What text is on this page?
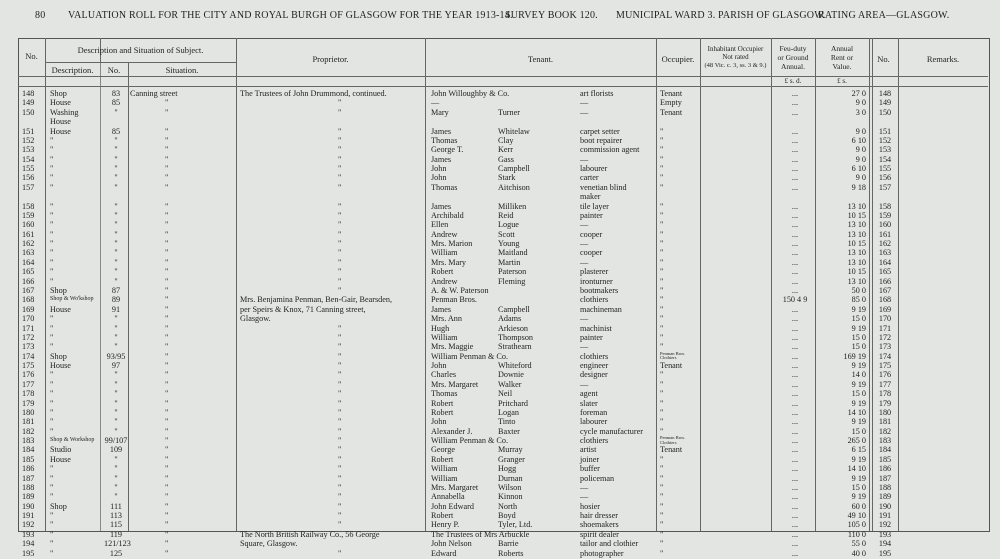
80 VALUATION ROLL FOR THE CITY AND ROYAL BURGH OF GLASGOW FOR THE YEAR 1913-14.
SURVEY BOOK 120. MUNICIPAL WARD 3. PARISH OF GLASGOW.
RATING AREA—GLASGOW.
No.
Description and Situation of Subject.
Description.	No.	Situation.
Proprietor.	Tenant.	Occupier.
Inhabitant Occupier
Not rated
(48 Vic. c. 3, ss. 3 & 9.)
Feu-duty
or Ground
Annual.
Annual
Rent or
Value.
No.	Remarks.
£ s. d.	£ s.
148	Shop	83	Canning street	The Trustees of John Drummond, continued.	John Willoughby & Co.	art florists	Tenant	...	27 0	148
149	House	85	"	"	—	—	Empty	...	9 0	149
150	Washing	"	"	"	Mary	Turner	—	Tenant	...	3 0	150
House
151	House	85	"	"	James	Whitelaw	carpet setter	"	...	9 0	151
152	"	"	"	"	Thomas	Clay	boot repairer	"	...	6 10	152
153	"	"	"	"	George T.	Kerr	commission agent	"	...	9 0	153
154	"	"	"	"	James	Gass	—	"	...	9 0	154
155	"	"	"	"	John	Campbell	labourer	"	...	6 10	155
156	"	"	"	"	John	Stark	carter	"	...	9 0	156
157	"	"	"	"	Thomas	Aitchison	venetian blind	"	...	9 18	157
maker
158	"	"	"	"	James	Milliken	tile layer	"	...	13 10	158
159	"	"	"	"	Archibald	Reid	painter	"	...	10 15	159
160	"	"	"	"	Ellen	Logue	—	"	...	13 10	160
161	"	"	"	"	Andrew	Scott	cooper	"	...	13 10	161
162	"	"	"	"	Mrs. Marion	Young	—	"	...	10 15	162
163	"	"	"	"	William	Maitland	cooper	"	...	13 10	163
164	"	"	"	"	Mrs. Mary	Martin	—	"	...	13 10	164
165	"	"	"	"	Robert	Paterson	plasterer	"	...	10 15	165
166	"	"	"	"	Andrew	Fleming	ironturner	"	...	13 10	166
167	Shop	87	"	"	A. & W. Paterson	bootmakers	"	...	50 0	167
168	Shop & Wo'kshop	89	"	Mrs. Benjamina Penman, Ben-Gair, Bearsden,	Penman Bros.	clothiers	"	150 4 9	85 0	168
169	House	91	"	per Speirs & Knox, 71 Canning street,	James	Campbell	machineman	"	...	9 19	169
170	"	"	"	Glasgow.	Mrs. Ann	Adams	—	"	...	15 0	170
171	"	"	"	"	Hugh	Arkieson	machinist	"	...	9 19	171
172	"	"	"	"	William	Thompson	painter	"	...	15 0	172
173	"	"	"	"	Mrs. Maggie	Strathearn	—	"	...	15 0	173
174	Shop	93/95	"	"	William Penman & Co.	clothiers	Penman Bros. Clothiers	...	169 19	174
175	House	97	"	"	John	Whiteford	engineer	Tenant	...	9 19	175
176	"	"	"	"	Charles	Downie	designer	"	...	14 0	176
177	"	"	"	"	Mrs. Margaret	Walker	—	"	...	9 19	177
178	"	"	"	"	Thomas	Neil	agent	"	...	15 0	178
179	"	"	"	"	Robert	Pritchard	slater	"	...	9 19	179
180	"	"	"	"	Robert	Logan	foreman	"	...	14 10	180
181	"	"	"	"	John	Tinto	labourer	"	...	9 19	181
182	"	"	"	"	Alexander J.	Baxter	cycle manufacturer	"	...	15 0	182
183	Shop & Workshop	99/107	"	"	William Penman & Co.	clothiers	Penman Bros. Clothiers	...	265 0	183
184	Studio	109	"	"	George	Murray	artist	Tenant	...	6 15	184
185	House	"	"	"	Robert	Granger	joiner	"	...	9 19	185
186	"	"	"	"	William	Hogg	buffer	"	...	14 10	186
187	"	"	"	"	William	Durnan	policeman	"	...	9 19	187
188	"	"	"	"	Mrs. Margaret	Wilson	—	"	...	15 0	188
189	"	"	"	"	Annabella	Kinnon	—	"	...	9 19	189
190	Shop	111	"	"	John Edward	North	hosier	"	...	60 0	190
191	"	113	"	"	Robert	Boyd	hair dresser	"	...	49 10	191
192	"	115	"	"	Henry P.	Tyler, Ltd.	shoemakers	"	...	105 0	192
193	"	119	"	The North British Railway Co., 56 George	The Trustees of Mrs Arbuckle	spirit dealer	"	...	110 0	193
194	"	121/123	"	Square, Glasgow.	John Nelson	Barrie	tailor and clothier	"	...	55 0	194
195	"	125	"	"	Edward	Roberts	photographer	"	...	40 0	195
